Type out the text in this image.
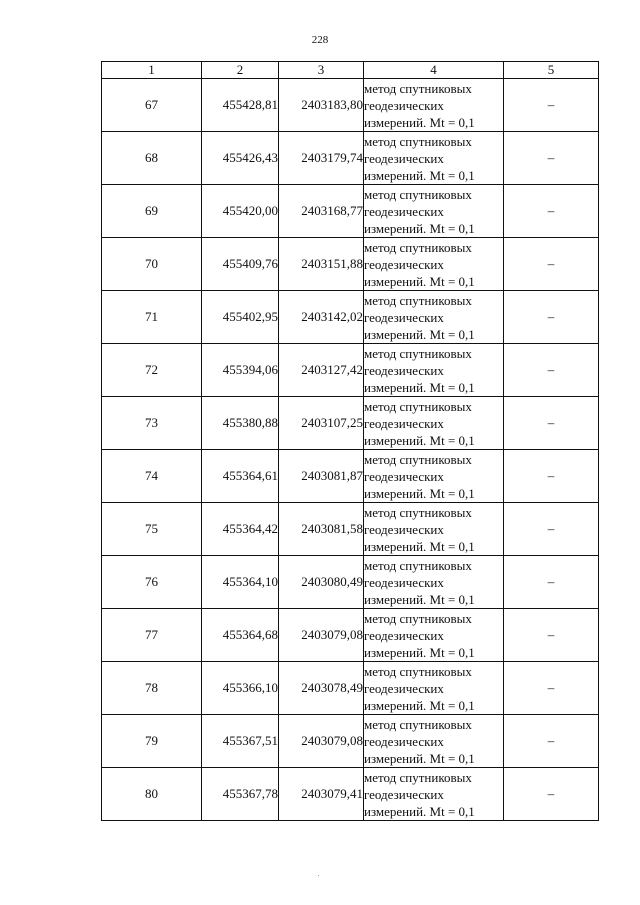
228
1	2	3	4	5
67	455428,81	2403183,80	метод спутниковых
геодезических
измерений. Mt = 0,1	–
68	455426,43	2403179,74	метод спутниковых
геодезических
измерений. Mt = 0,1	–
69	455420,00	2403168,77	метод спутниковых
геодезических
измерений. Mt = 0,1	–
70	455409,76	2403151,88	метод спутниковых
геодезических
измерений. Mt = 0,1	–
71	455402,95	2403142,02	метод спутниковых
геодезических
измерений. Mt = 0,1	–
72	455394,06	2403127,42	метод спутниковых
геодезических
измерений. Mt = 0,1	–
73	455380,88	2403107,25	метод спутниковых
геодезических
измерений. Mt = 0,1	–
74	455364,61	2403081,87	метод спутниковых
геодезических
измерений. Mt = 0,1	–
75	455364,42	2403081,58	метод спутниковых
геодезических
измерений. Mt = 0,1	–
76	455364,10	2403080,49	метод спутниковых
геодезических
измерений. Mt = 0,1	–
77	455364,68	2403079,08	метод спутниковых
геодезических
измерений. Mt = 0,1	–
78	455366,10	2403078,49	метод спутниковых
геодезических
измерений. Mt = 0,1	–
79	455367,51	2403079,08	метод спутниковых
геодезических
измерений. Mt = 0,1	–
80	455367,78	2403079,41	метод спутниковых
геодезических
измерений. Mt = 0,1	–
